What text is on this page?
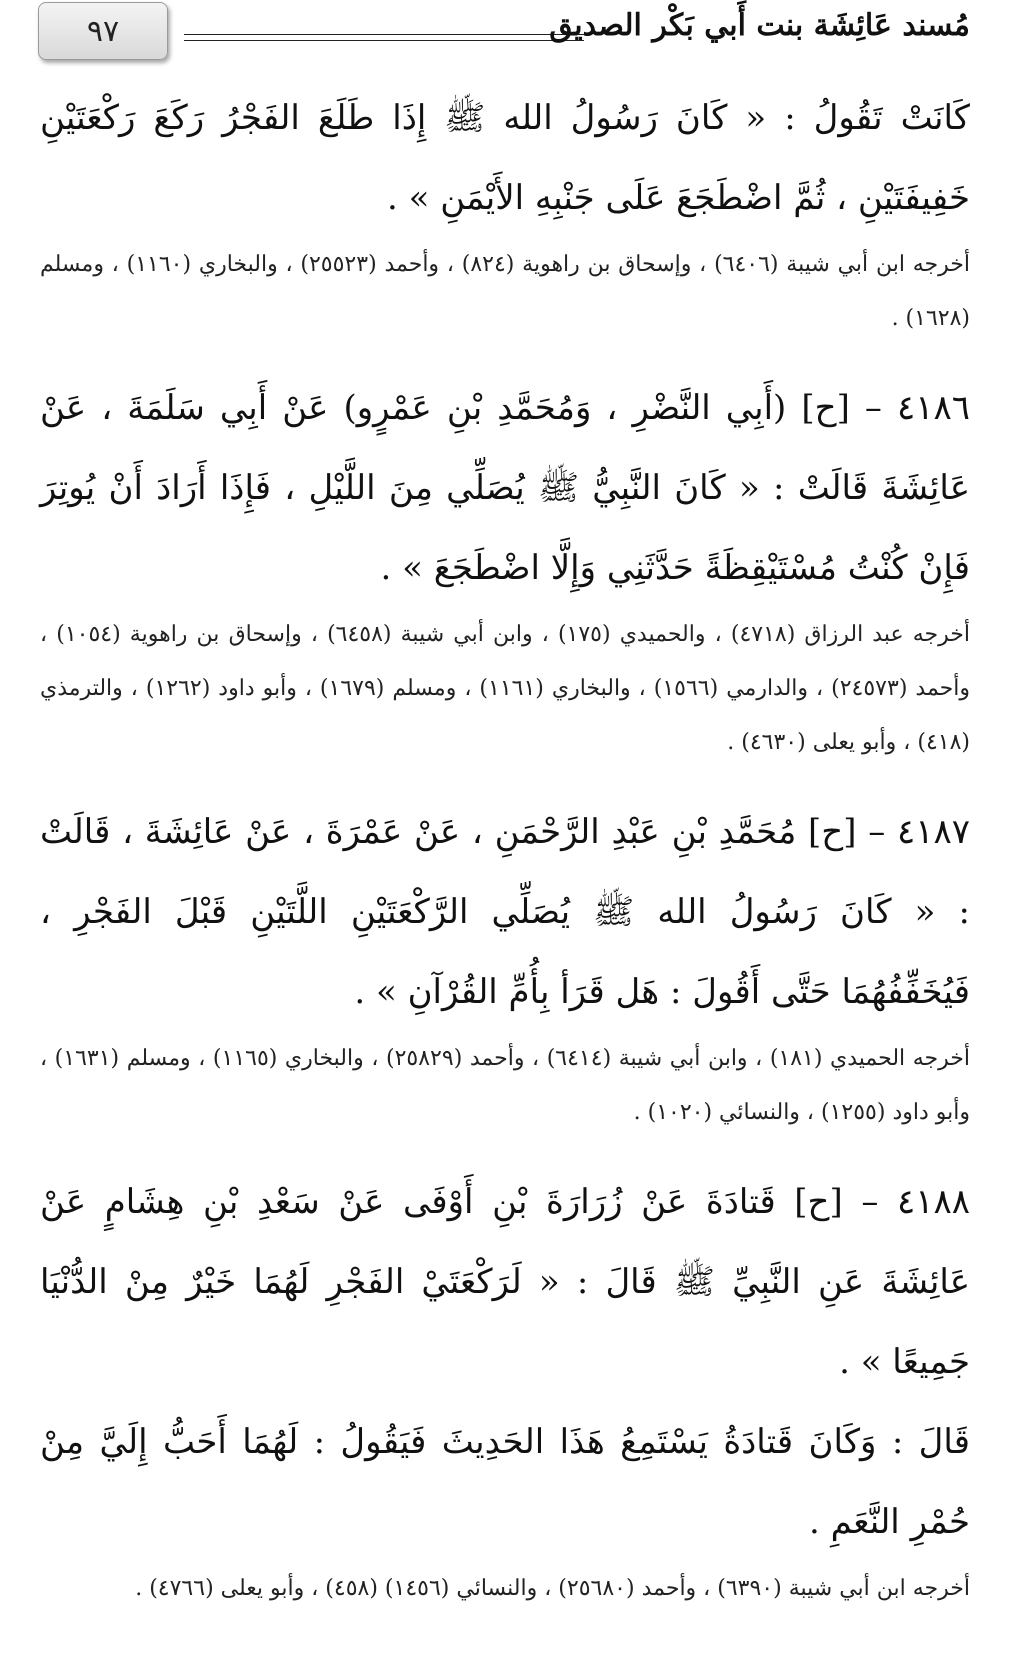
٩٧	مُسند عَائِشَة بنت أَبي بَكْر الصديق

كَانَتْ تَقُولُ : « كَانَ رَسُولُ الله ﷺ إِذَا طَلَعَ الفَجْرُ رَكَعَ رَكْعَتَيْنِ خَفِيفَتَيْنِ ، ثُمَّ اضْطَجَعَ عَلَى جَنْبِهِ الأَيْمَنِ » .

أخرجه ابن أبي شيبة (٦٤٠٦) ، وإسحاق بن راهوية (٨٢٤) ، وأحمد (٢٥٥٢٣) ، والبخاري (١١٦٠) ، ومسلم (١٦٢٨) .

٤١٨٦ – [ح] (أَبِي النَّضْرِ ، وَمُحَمَّدِ بْنِ عَمْرٍو) عَنْ أَبِي سَلَمَةَ ، عَنْ عَائِشَةَ قَالَتْ : « كَانَ النَّبِيُّ ﷺ يُصَلِّي مِنَ اللَّيْلِ ، فَإِذَا أَرَادَ أَنْ يُوتِرَ فَإِنْ كُنْتُ مُسْتَيْقِظَةً حَدَّثَنِي وَإِلَّا اضْطَجَعَ » .

أخرجه عبد الرزاق (٤٧١٨) ، والحميدي (١٧٥) ، وابن أبي شيبة (٦٤٥٨) ، وإسحاق بن راهوية (١٠٥٤) ، وأحمد (٢٤٥٧٣) ، والدارمي (١٥٦٦) ، والبخاري (١١٦١) ، ومسلم (١٦٧٩) ، وأبو داود (١٢٦٢) ، والترمذي (٤١٨) ، وأبو يعلى (٤٦٣٠) .

٤١٨٧ – [ح] مُحَمَّدِ بْنِ عَبْدِ الرَّحْمَنِ ، عَنْ عَمْرَةَ ، عَنْ عَائِشَةَ ، قَالَتْ : « كَانَ رَسُولُ الله ﷺ يُصَلِّي الرَّكْعَتَيْنِ اللَّتَيْنِ قَبْلَ الفَجْرِ ، فَيُخَفِّفُهُمَا حَتَّى أَقُولَ : هَل قَرَأ بِأُمِّ القُرْآنِ » .

أخرجه الحميدي (١٨١) ، وابن أبي شيبة (٦٤١٤) ، وأحمد (٢٥٨٢٩) ، والبخاري (١١٦٥) ، ومسلم (١٦٣١) ، وأبو داود (١٢٥٥) ، والنسائي (١٠٢٠) .

٤١٨٨ – [ح] قَتادَةَ عَنْ زُرَارَةَ بْنِ أَوْفَى عَنْ سَعْدِ بْنِ هِشَامٍ عَنْ عَائِشَةَ عَنِ النَّبِيِّ ﷺ قَالَ : « لَرَكْعَتَيْ الفَجْرِ لَهُمَا خَيْرٌ مِنْ الدُّنْيَا جَمِيعًا » .

قَالَ : وَكَانَ قَتادَةُ يَسْتَمِعُ هَذَا الحَدِيثَ فَيَقُولُ : لَهُمَا أَحَبُّ إِلَيَّ مِنْ حُمْرِ النَّعَمِ .

أخرجه ابن أبي شيبة (٦٣٩٠) ، وأحمد (٢٥٦٨٠) ، والنسائي (١٤٥٦) (٤٥٨) ، وأبو يعلى (٤٧٦٦) .
